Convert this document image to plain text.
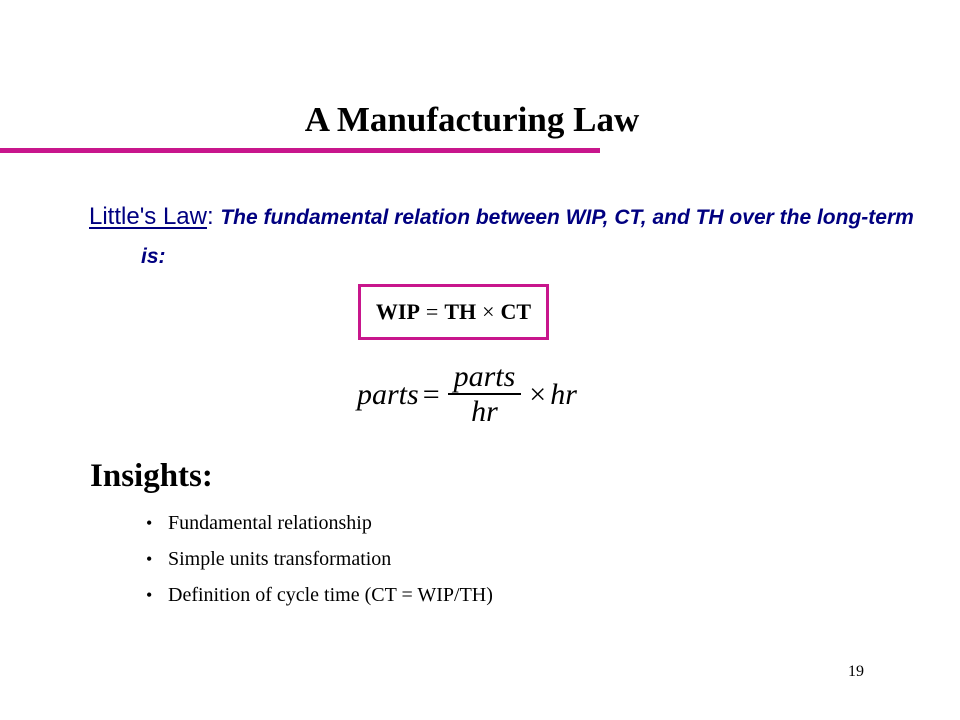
A Manufacturing Law
Little's Law: The fundamental relation between WIP, CT, and TH over the long-term is:
WIP = TH × CT
parts = $\frac{\text{parts}}{hr}$ × hr
Insights:
• Fundamental relationship
• Simple units transformation
• Definition of cycle time (CT = WIP/TH)
19
